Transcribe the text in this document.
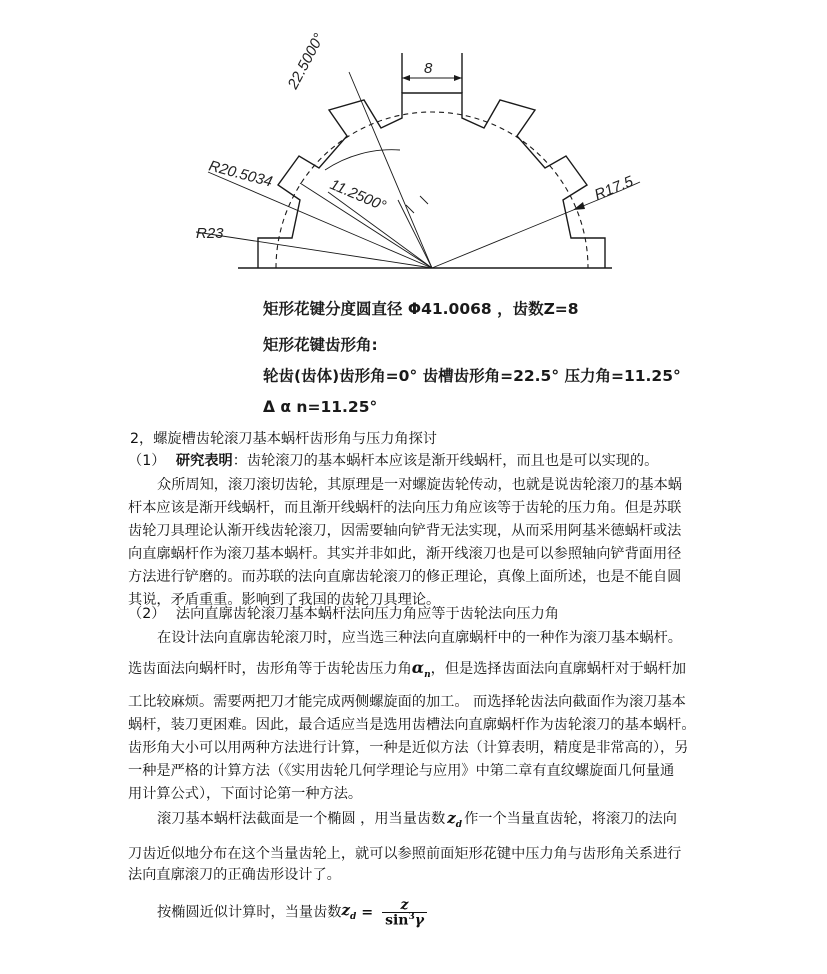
8
22.5000°
11.2500°
R20.5034
R23
R17.5
矩形花键分度圆直径 Φ41.0068 ，齿数Z=8
矩形花键齿形角:
轮齿(齿体)齿形角=0° 齿槽齿形角=22.5° 压力角=11.25°
Δ α n=11.25°
2，螺旋槽齿轮滚刀基本蜗杆齿形角与压力角探讨
（1） 研究表明：齿轮滚刀的基本蜗杆本应该是渐开线蜗杆，而且也是可以实现的。
众所周知，滚刀滚切齿轮，其原理是一对螺旋齿轮传动，也就是说齿轮滚刀的基本蜗
杆本应该是渐开线蜗杆，而且渐开线蜗杆的法向压力角应该等于齿轮的压力角。但是苏联
齿轮刀具理论认渐开线齿轮滚刀，因需要轴向铲背无法实现，从而采用阿基米德蜗杆或法
向直廓蜗杆作为滚刀基本蜗杆。其实并非如此，渐开线滚刀也是可以参照轴向铲背面用径
方法进行铲磨的。而苏联的法向直廓齿轮滚刀的修正理论，真像上面所述，也是不能自圆
其说，矛盾重重。影响到了我国的齿轮刀具理论。
（2） 法向直廓齿轮滚刀基本蜗杆法向压力角应等于齿轮法向压力角
在设计法向直廓齿轮滚刀时，应当选三种法向直廓蜗杆中的一种作为滚刀基本蜗杆。
选齿面法向蜗杆时，齿形角等于齿轮齿压力角$\alpha_n$，但是选择齿面法向直廓蜗杆对于蜗杆加
工比较麻烦。需要两把刀才能完成两侧螺旋面的加工。 而选择轮齿法向截面作为滚刀基本
蜗杆，装刀更困难。因此，最合适应当是选用齿槽法向直廓蜗杆作为齿轮滚刀的基本蜗杆。
齿形角大小可以用两种方法进行计算，一种是近似方法（计算表明，精度是非常高的），另
一种是严格的计算方法（《实用齿轮几何学理论与应用》中第二章有直纹螺旋面几何量通
用计算公式），下面讨论第一种方法。
滚刀基本蜗杆法截面是一个椭圆 ，用当量齿数 $z_d$ 作一个当量直齿轮，将滚刀的法向
刀齿近似地分布在这个当量齿轮上，就可以参照前面矩形花键中压力角与齿形角关系进行
法向直廓滚刀的正确齿形设计了。
按椭圆近似计算时，当量齿数$z_d = \frac{z}{\sin^3\gamma}$
